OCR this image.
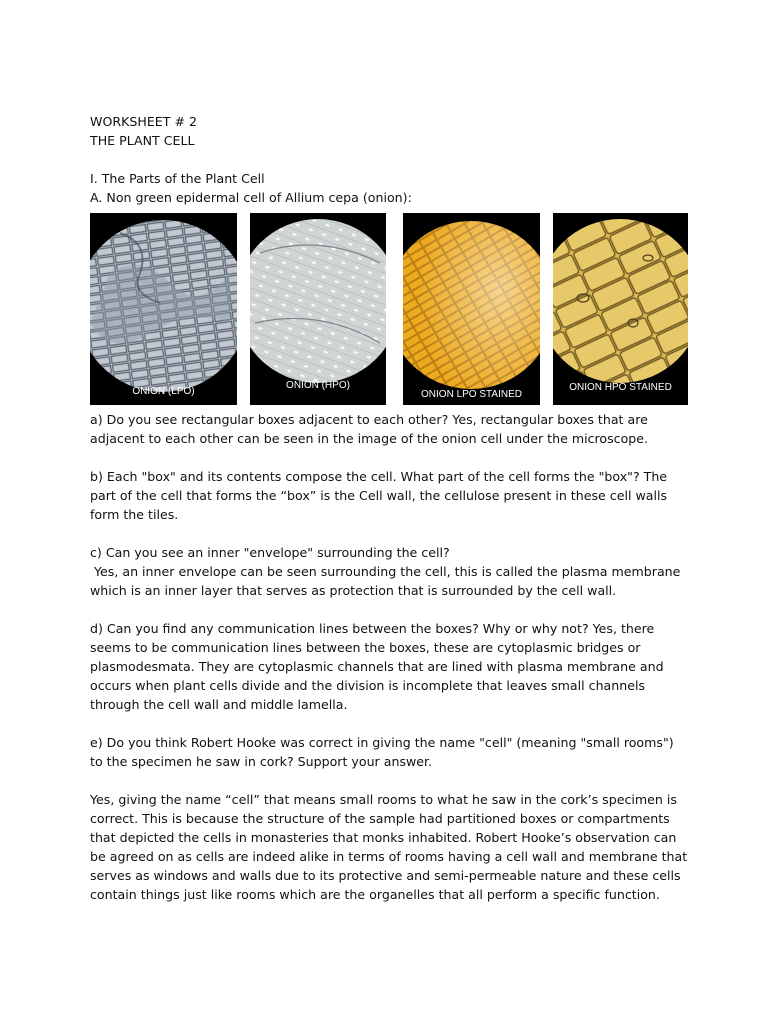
WORKSHEET # 2
THE PLANT CELL
I. The Parts of the Plant Cell
A. Non green epidermal cell of Allium cepa (onion):
ONION (LPO)
ONION (HPO)
ONION LPO STAINED
ONION HPO STAINED

a) Do you see rectangular boxes adjacent to each other? Yes, rectangular boxes that are adjacent to each other can be seen in the image of the onion cell under the microscope.

b) Each "box" and its contents compose the cell. What part of the cell forms the "box"? The part of the cell that forms the “box” is the Cell wall, the cellulose present in these cell walls form the tiles.

c) Can you see an inner "envelope" surrounding the cell?
Yes, an inner envelope can be seen surrounding the cell, this is called the plasma membrane which is an inner layer that serves as protection that is surrounded by the cell wall.

d) Can you find any communication lines between the boxes? Why or why not? Yes, there seems to be communication lines between the boxes, these are cytoplasmic bridges or plasmodesmata. They are cytoplasmic channels that are lined with plasma membrane and occurs when plant cells divide and the division is incomplete that leaves small channels through the cell wall and middle lamella.

e) Do you think Robert Hooke was correct in giving the name "cell" (meaning "small rooms") to the specimen he saw in cork? Support your answer.

Yes, giving the name “cell” that means small rooms to what he saw in the cork’s specimen is correct. This is because the structure of the sample had partitioned boxes or compartments that depicted the cells in monasteries that monks inhabited. Robert Hooke’s observation can be agreed on as cells are indeed alike in terms of rooms having a cell wall and membrane that serves as windows and walls due to its protective and semi-permeable nature and these cells contain things just like rooms which are the organelles that all perform a specific function.
